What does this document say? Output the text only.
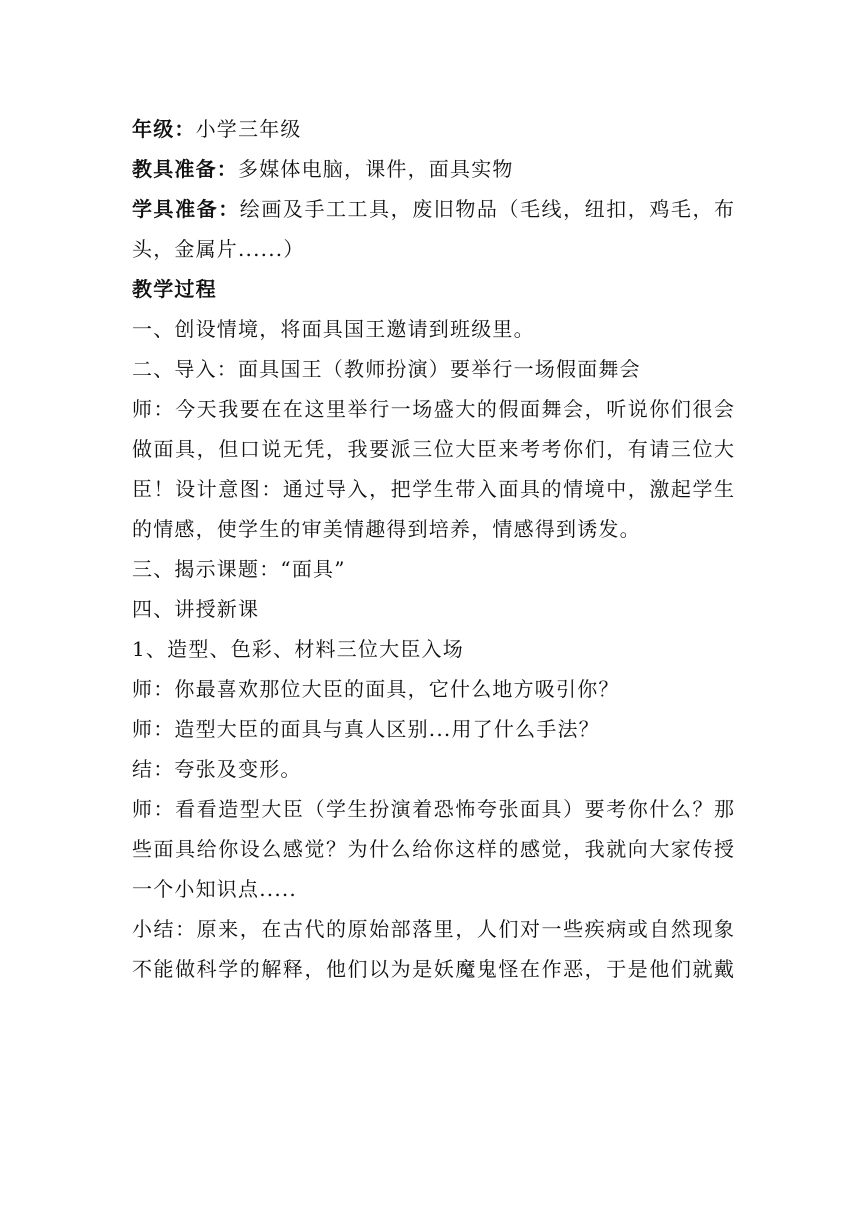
年级：小学三年级
教具准备：多媒体电脑，课件，面具实物
学具准备：绘画及手工工具，废旧物品（毛线，纽扣，鸡毛，布
头，金属片......）
教学过程
一、创设情境，将面具国王邀请到班级里。
二、导入：面具国王（教师扮演）要举行一场假面舞会
师：今天我要在在这里举行一场盛大的假面舞会，听说你们很会
做面具，但口说无凭，我要派三位大臣来考考你们，有请三位大
臣！设计意图：通过导入，把学生带入面具的情境中，激起学生
的情感，使学生的审美情趣得到培养，情感得到诱发。
三、揭示课题：“面具”
四、讲授新课
1、造型、色彩、材料三位大臣入场
师：你最喜欢那位大臣的面具，它什么地方吸引你？
师：造型大臣的面具与真人区别...用了什么手法？
结：夸张及变形。
师：看看造型大臣（学生扮演着恐怖夸张面具）要考你什么？那
些面具给你设么感觉？为什么给你这样的感觉，我就向大家传授
一个小知识点.....
小结：原来，在古代的原始部落里，人们对一些疾病或自然现象
不能做科学的解释，他们以为是妖魔鬼怪在作恶，于是他们就戴
